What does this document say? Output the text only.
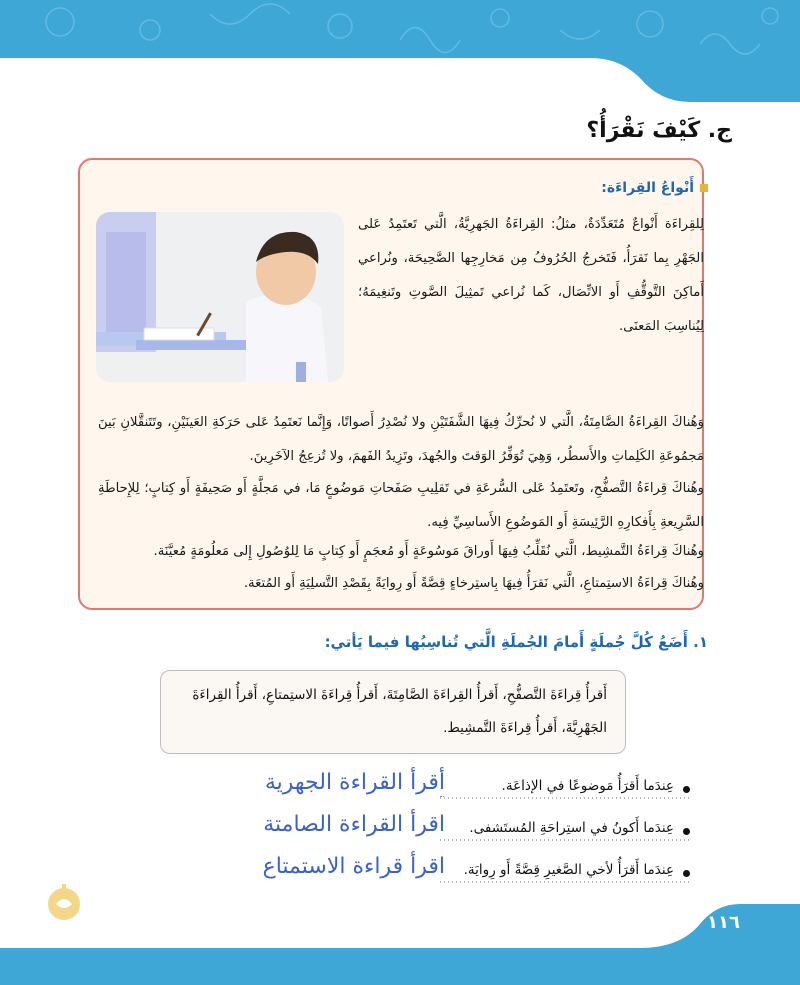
ج. كَيْفَ نَقْرَأُ؟
أَنْواعُ القِراءَة:
لِلقِراءَة أَنْواعٌ مُتَعَدِّدَةٌ، مثلُ: القِراءَةُ الجَهرِيَّةُ، الَّتي تَعتَمِدُ عَلى الجَهْرِ بِما نَقرَأُ، فَتَخرجُ الحُرُوفُ مِن مَخارِجِها الصَّحِيحَة، ونُراعي أَماكِنَ التَّوقُّفِ أَو الاتِّصَال، كَما نُراعي تَمثِيلَ الصَّوتِ وتَنغِيمَهُ؛ لِيُناسِبَ المَعنَى.
وَهُناكَ القِراءَةُ الصَّامِتَةُ، الَّتي لا نُحرِّكُ فِيهَا الشَّفَتَيْنِ ولا نُصْدِرُ أَصواتًا، وَإِنَّما نَعتَمِدُ عَلى حَرَكةِ العَينَيْنِ، وتَتَنقَّلانِ بَينَ مَجمُوعَةِ الكَلِماتِ والأَسطُر، وَهِيَ تُوَفِّرُ الوَقتَ والجُهدَ، وتَزِيدُ الفَهمَ، ولا تُزعِجُ الآخَرِينَ.
وهُناكَ قِراءَةُ التَّصفُّحِ، وتَعتَمِدُ عَلى السُّرعَةِ في تَقلِيبِ صَفَحاتِ مَوضُوعٍ مَا، في مَجلَّةٍ أَو صَحِيفَةٍ أَو كِتابٍ؛ لِلإِحاطَةِ السَّرِيعةِ بِأَفكارِهِ الرَّئِيسَةِ أَو المَوضُوعِ الأَساسِيِّ فِيه.
وهُناكَ قِراءَةُ التَّمشِيط، الَّتي نُقَلِّبُ فِيهَا أَوراقَ مَوسُوعَةٍ أَو مُعجَمٍ أَو كِتابٍ مَا لِلوُصُولِ إِلى مَعلُومَةٍ مُعيَّنَة.
وهُناكَ قِراءَةُ الاستِمتاعِ، الَّتي نَقرَأُ فِيهَا بِاستِرخاءٍ قِصَّةً أَو رِوايَةً بِقَصْدِ التَّسلِيَةِ أَو المُتعَة.
١. أَضَعُ كُلَّ جُملَةٍ أَمامَ الجُملَةِ الَّتي تُناسِبُها فيما يَأتي:
أَقرأُ قِراءَةَ التَّصفُّحِ، أَقرأُ القِراءَةَ الصَّامِتَةَ، أَقرأُ قِراءَةَ الاستِمتاعِ، أَقرأُ القِراءَةَ الجَهْرِيَّةَ، أَقرأُ قِراءَةَ التَّمشِيط.
عِندَما أَقرَأُ مَوضوعًا في الإذاعَة.
أقرأ القراءة الجهرية
عِندَما أَكونُ في استِراحَةِ المُستَشفى.
اقرأ القراءة الصامتة
عِندَما أَقرَأُ لأخي الصَّغيرِ قِصَّةً أَو رِوايَة.
اقرأ قراءة الاستمتاع
١١٦
